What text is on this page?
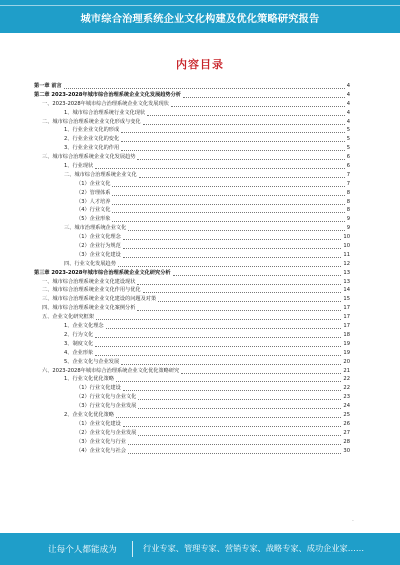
城市综合治理系统企业文化构建及优化策略研究报告
内容目录
第一章 前言	4
第二章 2023-2028年城市综合治理系统企业文化发展趋势分析	4
一、2023-2028年城市综合治理系统企业文化发展现状	4
1、城市综合治理系统行业文化现状	4
二、城市综合治理系统企业文化形成与变化	4
1、行业企业文化的形成	5
2、行业企业文化的变化	5
3、行业企业文化的作用	5
三、城市综合治理系统企业文化发展趋势	6
1、行业现状	6
二、城市综合治理系统企业文化	7
（1）企业文化	7
（2）管理体系	8
（3）人才培养	8
（4）行业文化	8
（5）企业形象	9
三、城市治理系统企业文化	9
（1）企业文化理念	10
（2）企业行为规范	10
（3）企业文化建设	11
四、行业文化发展趋势	12
第三章 2023-2028年城市综合治理系统企业文化研究分析	13
一、城市综合治理系统企业文化建设现状	13
二、城市综合治理系统企业文化作用与优化	14
三、城市综合治理系统企业文化建设的问题及对策	15
四、城市综合治理系统企业文化案例分析	17
五、企业文化研究框架	17
1、企业文化理念	17
2、行为文化	18
3、制度文化	19
4、企业形象	19
5、企业文化与企业发展	20
六、2023-2028年城市综合治理系统企业文化优化策略研究	21
1、行业文化优化策略	22
（1）行业文化建设	22
（2）行业文化与企业文化	23
（3）行业文化与企业发展	24
2、企业文化优化策略	25
（1）企业文化建设	26
（2）企业文化与企业发展	27
（3）企业文化与行业	28
（4）企业文化与社会	30
·
让每个人都能成为	行业专家、管理专家、营销专家、战略专家、成功企业家……
